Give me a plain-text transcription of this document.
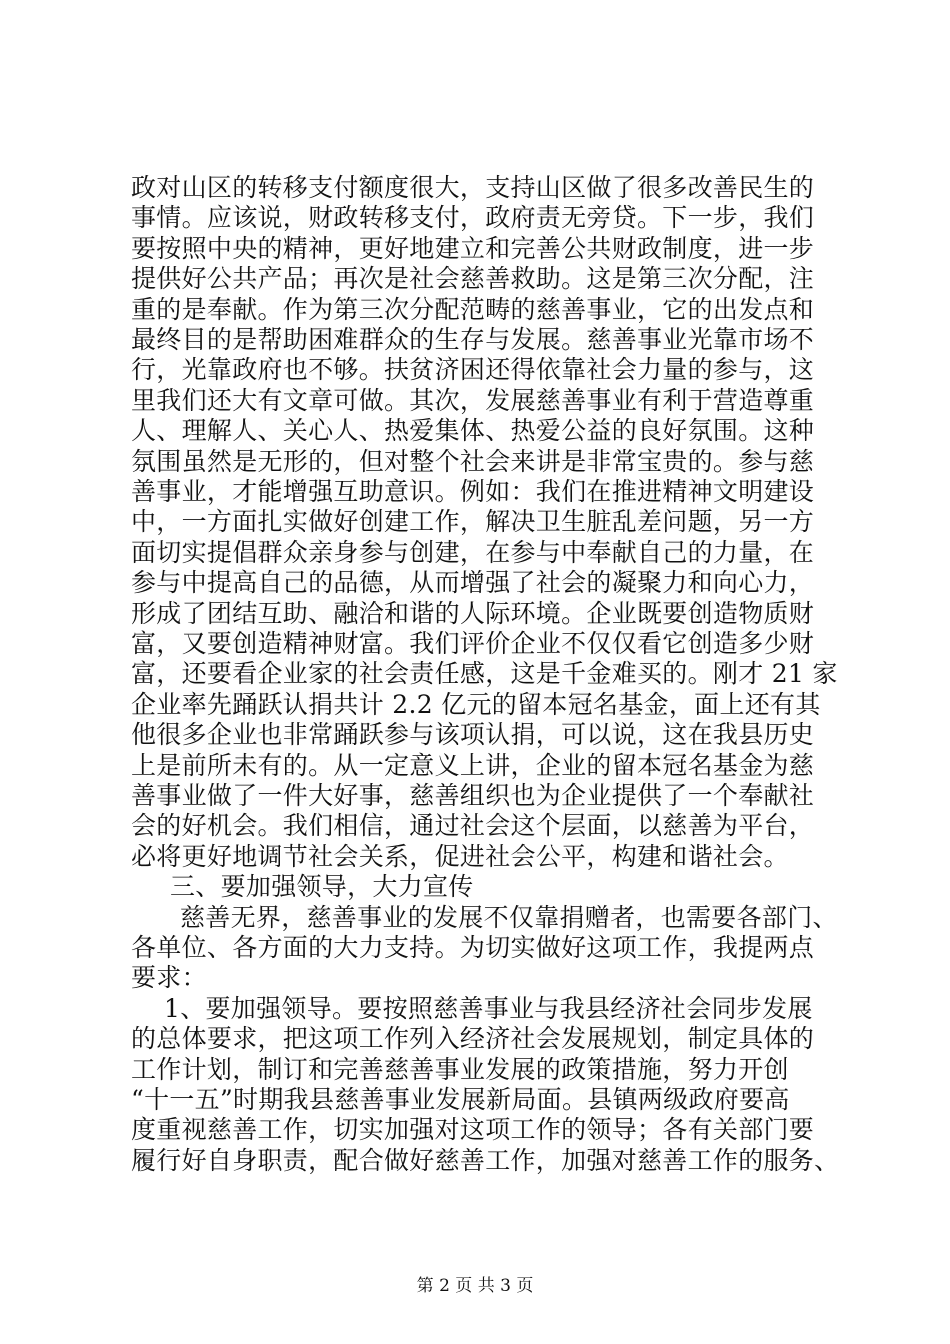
政对山区的转移支付额度很大，支持山区做了很多改善民生的
事情。应该说，财政转移支付，政府责无旁贷。下一步，我们
要按照中央的精神，更好地建立和完善公共财政制度，进一步
提供好公共产品；再次是社会慈善救助。这是第三次分配，注
重的是奉献。作为第三次分配范畴的慈善事业，它的出发点和
最终目的是帮助困难群众的生存与发展。慈善事业光靠市场不
行，光靠政府也不够。扶贫济困还得依靠社会力量的参与，这
里我们还大有文章可做。其次，发展慈善事业有利于营造尊重
人、理解人、关心人、热爱集体、热爱公益的良好氛围。这种
氛围虽然是无形的，但对整个社会来讲是非常宝贵的。参与慈
善事业，才能增强互助意识。例如：我们在推进精神文明建设
中，一方面扎实做好创建工作，解决卫生脏乱差问题，另一方
面切实提倡群众亲身参与创建，在参与中奉献自己的力量，在
参与中提高自己的品德，从而增强了社会的凝聚力和向心力，
形成了团结互助、融洽和谐的人际环境。企业既要创造物质财
富，又要创造精神财富。我们评价企业不仅仅看它创造多少财
富，还要看企业家的社会责任感，这是千金难买的。刚才 21 家
企业率先踊跃认捐共计 2.2 亿元的留本冠名基金，面上还有其
他很多企业也非常踊跃参与该项认捐，可以说，这在我县历史
上是前所未有的。从一定意义上讲，企业的留本冠名基金为慈
善事业做了一件大好事，慈善组织也为企业提供了一个奉献社
会的好机会。我们相信，通过社会这个层面，以慈善为平台，
必将更好地调节社会关系，促进社会公平，构建和谐社会。
三、要加强领导，大力宣传
慈善无界，慈善事业的发展不仅靠捐赠者，也需要各部门、
各单位、各方面的大力支持。为切实做好这项工作，我提两点
要求：
1、要加强领导。要按照慈善事业与我县经济社会同步发展
的总体要求，把这项工作列入经济社会发展规划，制定具体的
工作计划，制订和完善慈善事业发展的政策措施，努力开创
“十一五”时期我县慈善事业发展新局面。县镇两级政府要高
度重视慈善工作，切实加强对这项工作的领导；各有关部门要
履行好自身职责，配合做好慈善工作，加强对慈善工作的服务、
第 2 页 共 3 页
